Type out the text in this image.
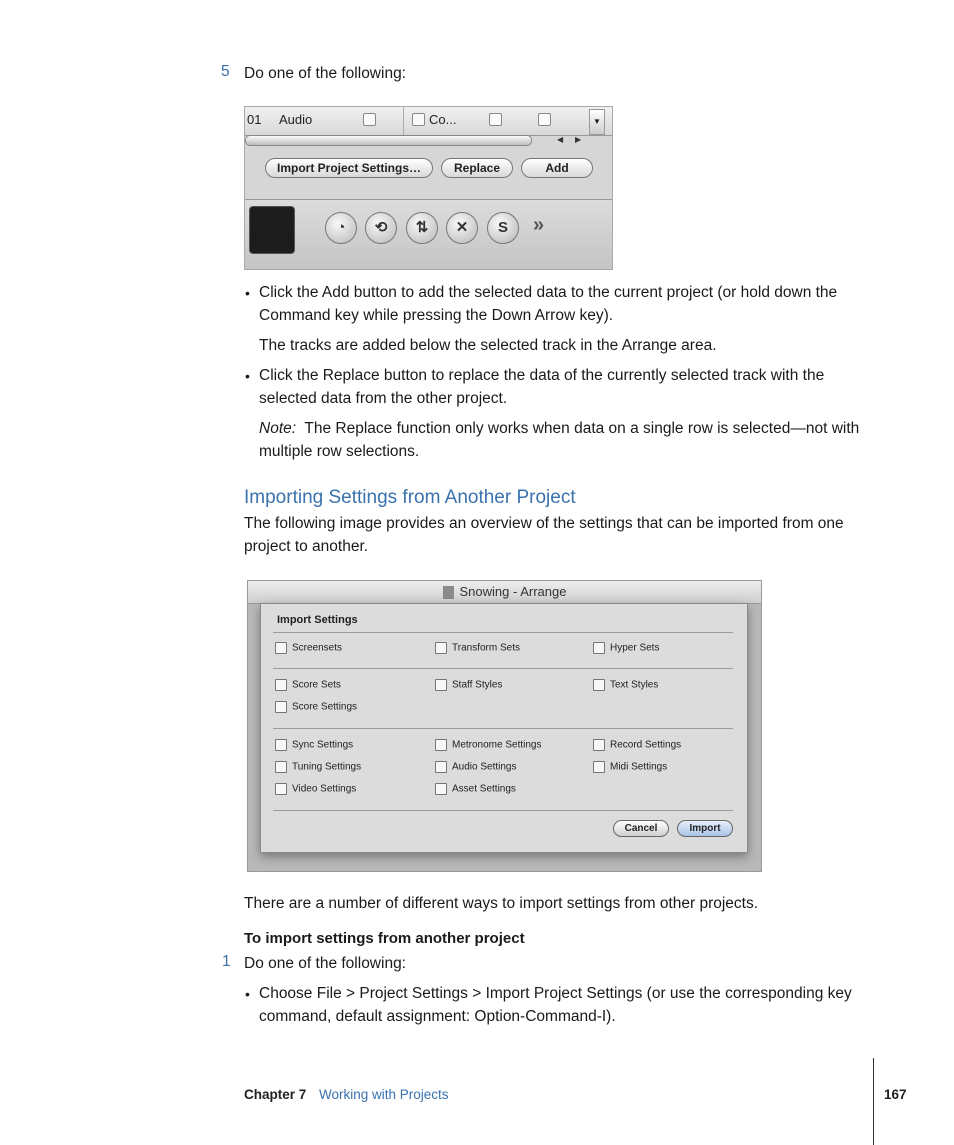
5 Do one of the following:
01 Audio	Co...	▼
◀ ▶
Import Project Settings…	Replace	Add
◔	⟲	⇅	✕	S	»
• Click the Add button to add the selected data to the current project (or hold down the Command key while pressing the Down Arrow key).
The tracks are added below the selected track in the Arrange area.
• Click the Replace button to replace the data of the currently selected track with the selected data from the other project.
Note: The Replace function only works when data on a single row is selected—not with multiple row selections.
Importing Settings from Another Project
The following image provides an overview of the settings that can be imported from one project to another.
Snowing - Arrange
Import Settings
Screensets	Transform Sets	Hyper Sets
Score Sets	Staff Styles	Text Styles
Score Settings
Sync Settings	Metronome Settings	Record Settings
Tuning Settings	Audio Settings	Midi Settings
Video Settings	Asset Settings
Cancel	Import
There are a number of different ways to import settings from other projects.
To import settings from another project
1 Do one of the following:
• Choose File > Project Settings > Import Project Settings (or use the corresponding key command, default assignment: Option-Command-I).
Chapter 7 Working with Projects	167
